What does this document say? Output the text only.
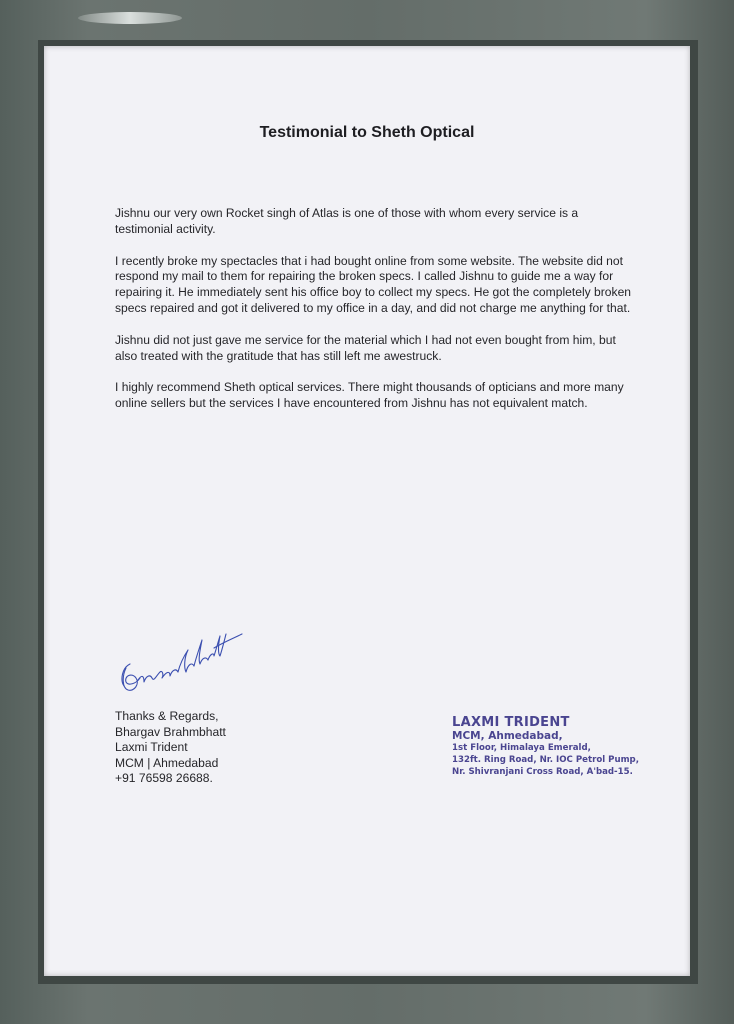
Testimonial to Sheth Optical

Jishnu our very own Rocket singh of Atlas is one of those with whom every service is a testimonial activity.

I recently broke my spectacles that i had bought online from some website. The website did not respond my mail to them for repairing the broken specs. I called Jishnu to guide me a way for repairing it. He immediately sent his office boy to collect my specs. He got the completely broken specs repaired and got it delivered to my office in a day, and did not charge me anything for that.

Jishnu did not just gave me service for the material which I had not even bought from him, but also treated with the gratitude that has still left me awestruck.

I highly recommend Sheth optical services. There might thousands of opticians and more many online sellers but the services I have encountered from Jishnu has not equivalent match.

Thanks & Regards,
Bhargav Brahmbhatt
Laxmi Trident
MCM | Ahmedabad
+91 76598 26688.
LAXMI TRIDENT
MCM, Ahmedabad,
1st Floor, Himalaya Emerald,
132ft. Ring Road, Nr. IOC Petrol Pump,
Nr. Shivranjani Cross Road, A'bad-15.
